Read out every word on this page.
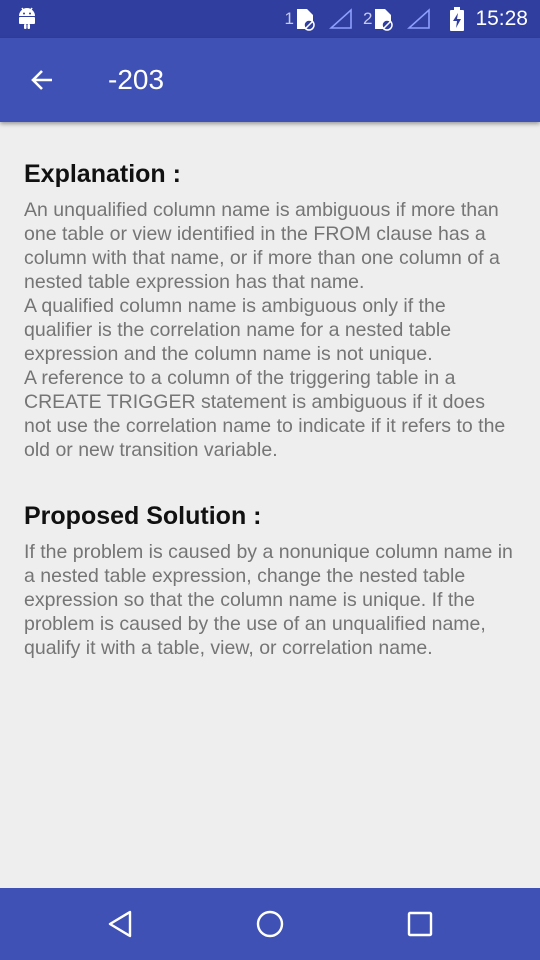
1	2	15:28
-203
Explanation :

An unqualified column name is ambiguous if more than one table or view identified in the FROM clause has a column with that name, or if more than one column of a nested table expression has that name.
A qualified column name is ambiguous only if the qualifier is the correlation name for a nested table expression and the column name is not unique.
A reference to a column of the triggering table in a CREATE TRIGGER statement is ambiguous if it does not use the correlation name to indicate if it refers to the old or new transition variable.

Proposed Solution :

If the problem is caused by a nonunique column name in a nested table expression, change the nested table expression so that the column name is unique. If the problem is caused by the use of an unqualified name, qualify it with a table, view, or correlation name.
